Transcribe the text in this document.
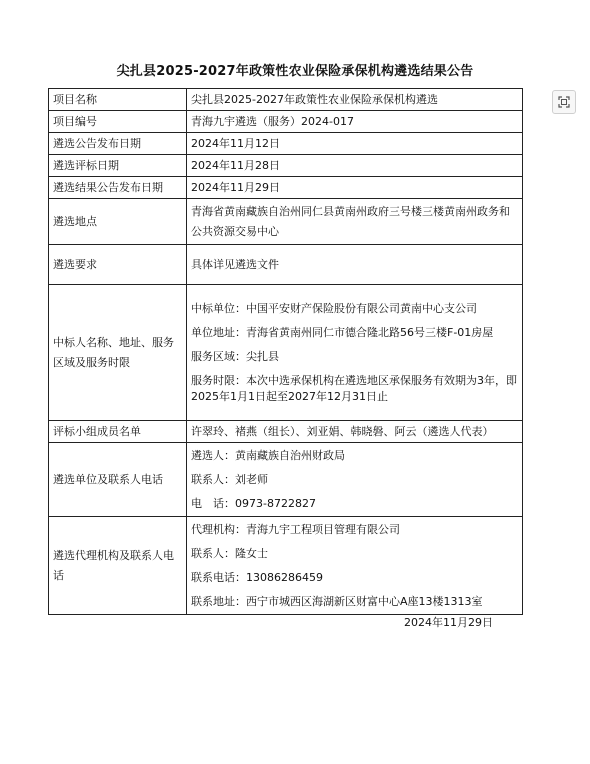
尖扎县2025-2027年政策性农业保险承保机构遴选结果公告
项目名称	尖扎县2025-2027年政策性农业保险承保机构遴选
项目编号	青海九宇遴选（服务）2024-017
遴选公告发布日期	2024年11月12日
遴选评标日期	2024年11月28日
遴选结果公告发布日期	2024年11月29日
遴选地点	青海省黄南藏族自治州同仁县黄南州政府三号楼三楼黄南州政务和公共资源交易中心
遴选要求	具体详见遴选文件
中标人名称、地址、服务区域及服务时限	中标单位：中国平安财产保险股份有限公司黄南中心支公司
单位地址：青海省黄南州同仁市德合隆北路56号三楼F-01房屋
服务区域：尖扎县
服务时限：本次中选承保机构在遴选地区承保服务有效期为3年，即2025年1月1日起至2027年12月31日止

评标小组成员名单	许翠玲、褚燕（组长）、刘亚娟、韩晓磐、阿云（遴选人代表）
遴选单位及联系人电话	遴选人：黄南藏族自治州财政局
联系人：刘老师
电　话：0973-8722827

遴选代理机构及联系人电话	代理机构：青海九宇工程项目管理有限公司
联系人：隆女士
联系电话：13086286459
联系地址：西宁市城西区海湖新区财富中心A座13楼1313室
2024年11月29日
